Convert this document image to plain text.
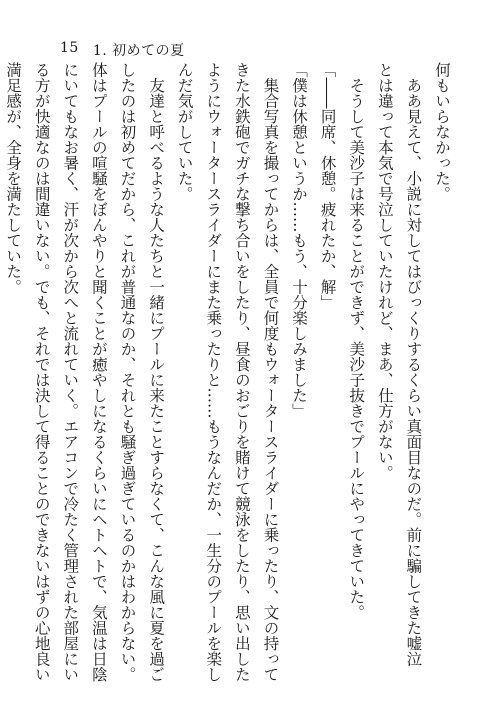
15 1. 初めての夏

何もいらなかった。

　ああ見えて、小説に対してはびっくりするくらい真面目なのだ。前に騙してきた嘘泣

とは違って本気で号泣していたけれど、まあ、仕方がない。

　そうして美沙子は来ることができず、美沙子抜きでプールにやってきていた。

「――同席、休憩。疲れたか、解」

「僕は休憩というか……もう、十分楽しみました」

　集合写真を撮ってからは、全員で何度もウォータースライダーに乗ったり、文の持って

きた水鉄砲でガチな撃ち合いをしたり、昼食のおごりを賭けて競泳をしたり、思い出した

ようにウォータースライダーにまた乗ったりと……もうなんだか、一生分のプールを楽し

んだ気がしていた。

　友達と呼べるような人たちと一緒にプールに来たことすらなくて、こんな風に夏を過ご

したのは初めてだから、これが普通なのか、それとも騒ぎ過ぎているのかはわからない。

体はプールの喧騒をぼんやりと聞くことが癒やしになるくらいにヘトヘトで、気温は日陰

にいてもなお暑く、汗が次から次へと流れていく。エアコンで冷たく管理された部屋にい

る方が快適なのは間違いない。でも、それでは決して得ることのできないはずの心地良い

満足感が、全身を満たしていた。
